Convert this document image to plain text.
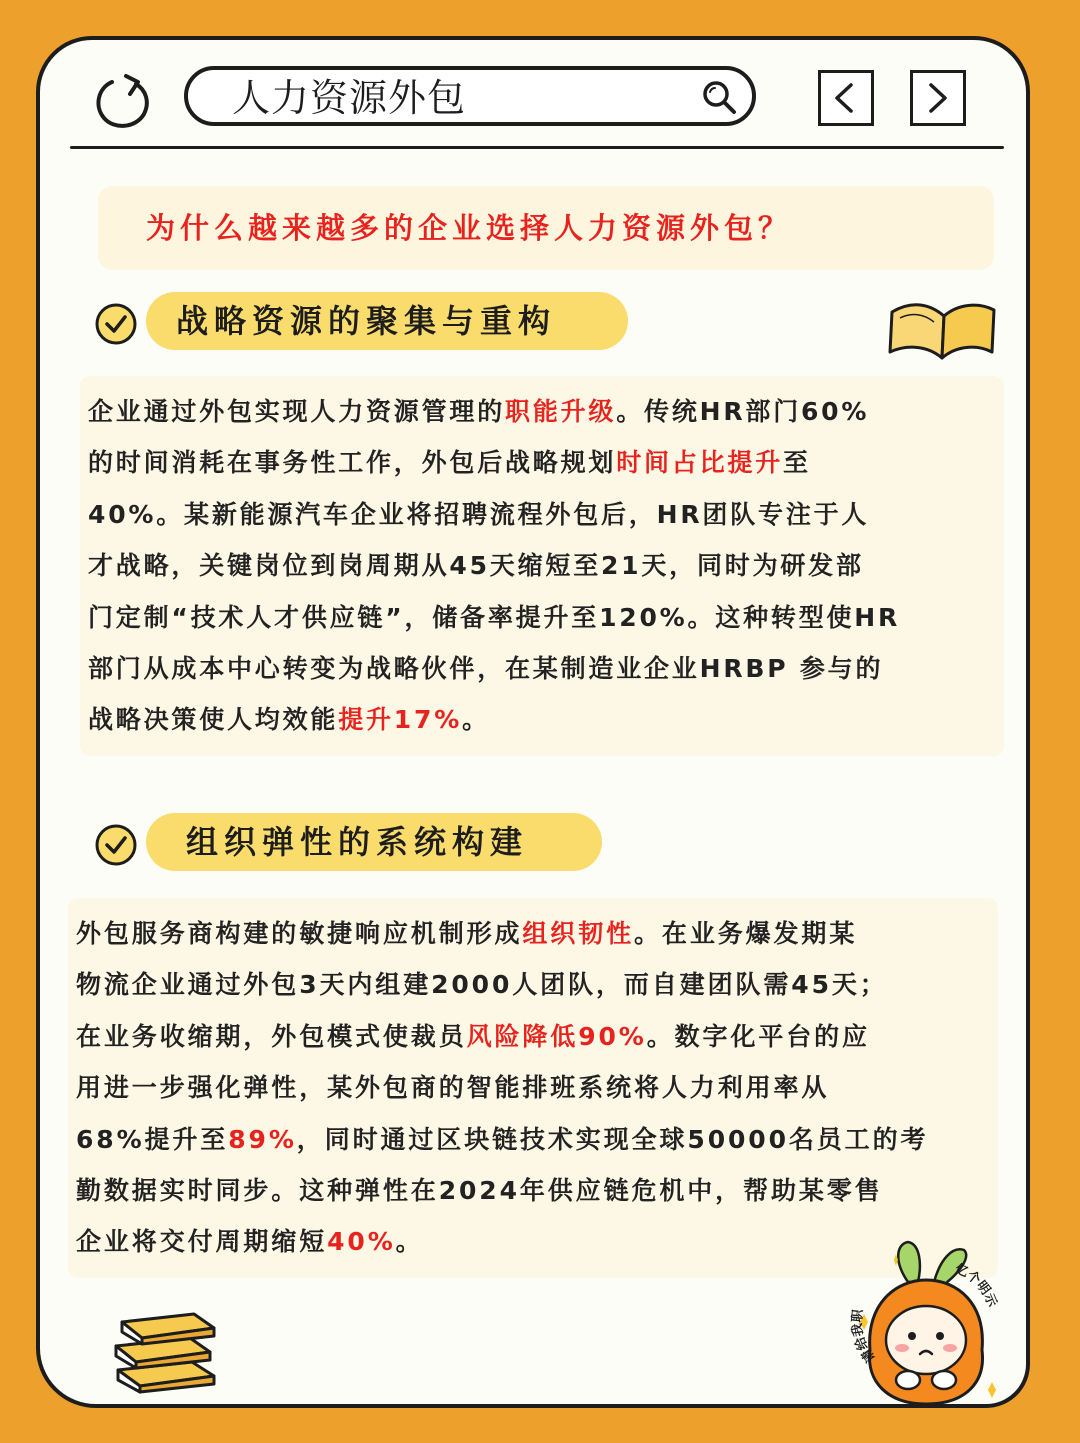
人力资源外包
为什么越来越多的企业选择人力资源外包？
战略资源的聚集与重构
企业通过外包实现人力资源管理的职能升级。传统HR部门60%
的时间消耗在事务性工作，外包后战略规划时间占比提升至
40%。某新能源汽车企业将招聘流程外包后，HR团队专注于人
才战略，关键岗位到岗周期从45天缩短至21天，同时为研发部
门定制“技术人才供应链”，储备率提升至120%。这种转型使HR
部门从成本中心转变为战略伙伴，在某制造业企业HRBP 参与的
战略决策使人均效能提升17%。
组织弹性的系统构建
外包服务商构建的敏捷响应机制形成组织韧性。在业务爆发期某
物流企业通过外包3天内组建2000人团队，而自建团队需45天；
在业务收缩期，外包模式使裁员风险降低90%。数字化平台的应
用进一步强化弹性，某外包商的智能排班系统将人力利用率从
68%提升至89%，同时通过区块链技术实现全球50000名员工的考
勤数据实时同步。这种弹性在2024年供应链危机中，帮助某零售
企业将交付周期缩短40%。
请给我职
亿个明示
